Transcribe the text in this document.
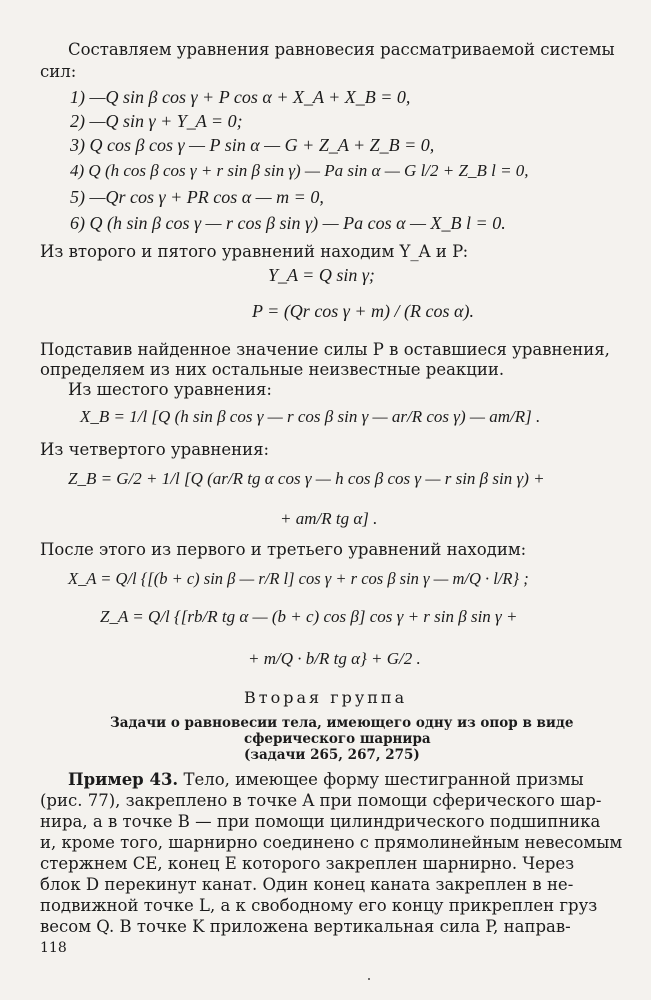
Составляем уравнения равновесия рассматриваемой системы
сил:
1) —Q sin β cos γ + P cos α + X_A + X_B = 0,
2) —Q sin γ + Y_A = 0;
3) Q cos β cos γ — P sin α — G + Z_A + Z_B = 0,
4) Q (h cos β cos γ + r sin β sin γ) — Pa sin α — G l/2 + Z_B l = 0,
5) —Qr cos γ + PR cos α — m = 0,
6) Q (h sin β cos γ — r cos β sin γ) — Pa cos α — X_B l = 0.
Из второго и пятого уравнений находим Y_A и P:
Y_A = Q sin γ;
P = (Qr cos γ + m) / (R cos α).
Подставив найденное значение силы P в оставшиеся уравнения,
определяем из них остальные неизвестные реакции.
Из шестого уравнения:
X_B = 1/l [Q (h sin β cos γ — r cos β sin γ — ar/R cos γ) — am/R] .
Из четвертого уравнения:
Z_B = G/2 + 1/l [Q (ar/R tg α cos γ — h cos β cos γ — r sin β sin γ) +
+ am/R tg α] .
После этого из первого и третьего уравнений находим:
X_A = Q/l {[(b + c) sin β — r/R l] cos γ + r cos β sin γ — m/Q · l/R} ;
Z_A = Q/l {[rb/R tg α — (b + c) cos β] cos γ + r sin β sin γ +
+ m/Q · b/R tg α} + G/2 .
Вторая группа
Задачи о равновесии тела, имеющего одну из опор в виде
сферического шарнира
(задачи 265, 267, 275)
Пример 43. Тело, имеющее форму шестигранной призмы
(рис. 77), закреплено в точке A при помощи сферического шар-
нира, а в точке B — при помощи цилиндрического подшипника
и, кроме того, шарнирно соединено с прямолинейным невесомым
стержнем CE, конец E которого закреплен шарнирно. Через
блок D перекинут канат. Один конец каната закреплен в не-
подвижной точке L, а к свободному его концу прикреплен груз
весом Q. В точке K приложена вертикальная сила P, направ-
118
